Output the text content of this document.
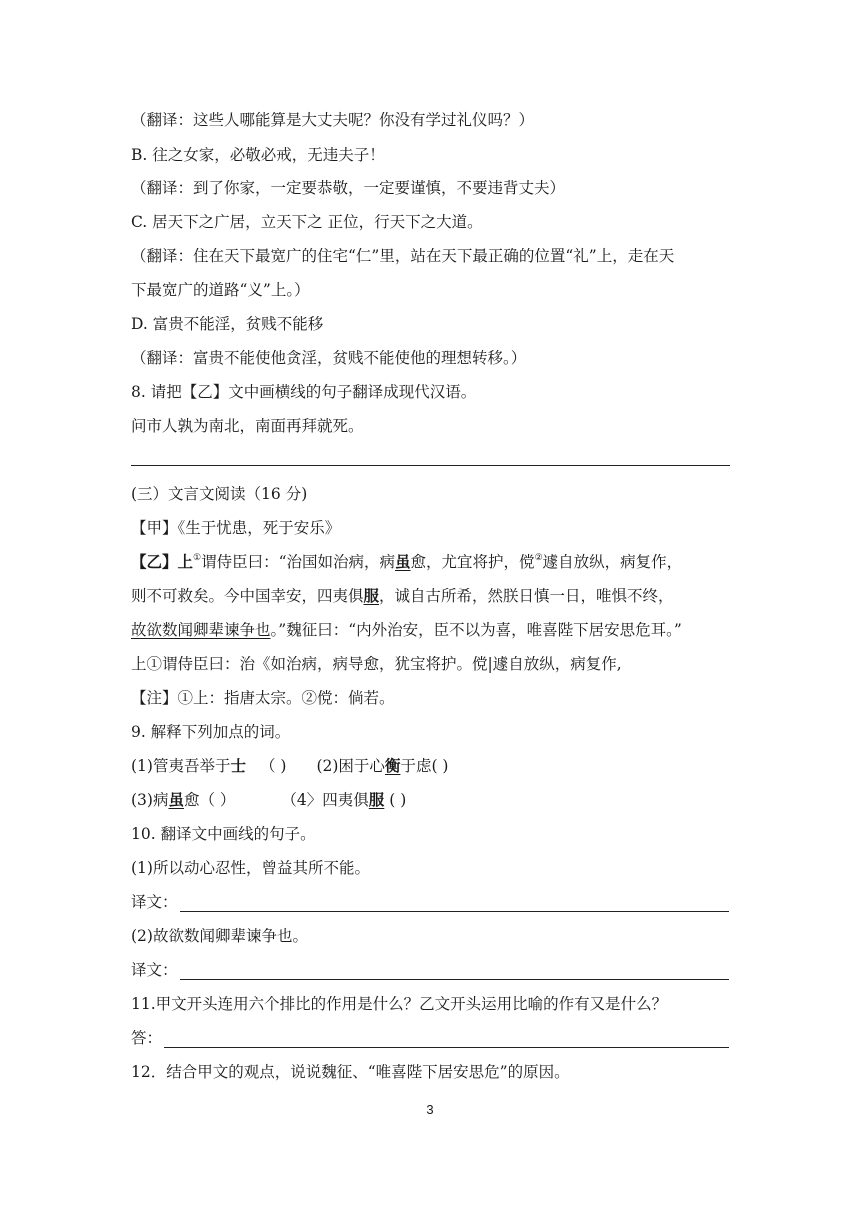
（翻译：这些人哪能算是大丈夫呢？你没有学过礼仪吗？）
B. 往之女家，必敬必戒，无违夫子！
（翻译：到了你家，一定要恭敬，一定要谨慎，不要违背丈夫）
C. 居天下之广居，立天下之 正位，行天下之大道。
（翻译：住在天下最宽广的住宅“仁”里，站在天下最正确的位置“礼”上，走在天
下最宽广的道路“义”上。）
D. 富贵不能淫，贫贱不能移
（翻译：富贵不能使他贪淫，贫贱不能使他的理想转移。）
8. 请把【乙】文中画横线的句子翻译成现代汉语。
问市人孰为南北，南面再拜就死。
(三）文言文阅读（16 分)
【甲】《生于忧患，死于安乐》
【乙】上①谓侍臣曰：“治国如治病，病虽愈，尤宜将护，傥②遽自放纵，病复作，
则不可救矣。今中国幸安，四夷俱服，诚自古所希，然朕日慎一日，唯惧不终，
故欲数闻卿辈谏争也。”魏征曰：“内外治安，臣不以为喜，唯喜陛下居安思危耳。”
上①谓侍臣曰：治《如治病，病导愈，犹宝将护。傥|遽自放纵，病复作,
【注】①上：指唐太宗。②傥：倘若。
9. 解释下列加点的词。
(1)管夷吾举于士 （ ) (2)困于心衡于虑( )
(3)病虽愈（ ）	（4〉四夷俱服 ( )
10. 翻译文中画线的句子。
(1)所以动心忍性，曾益其所不能。
译文：
(2)故欲数闻卿辈谏争也。
译文：
11.甲文开头连用六个排比的作用是什么？乙文开头运用比喻的作有又是什么？
答：
12．结合甲文的观点，说说魏征、“唯喜陛下居安思危”的原因。
3
